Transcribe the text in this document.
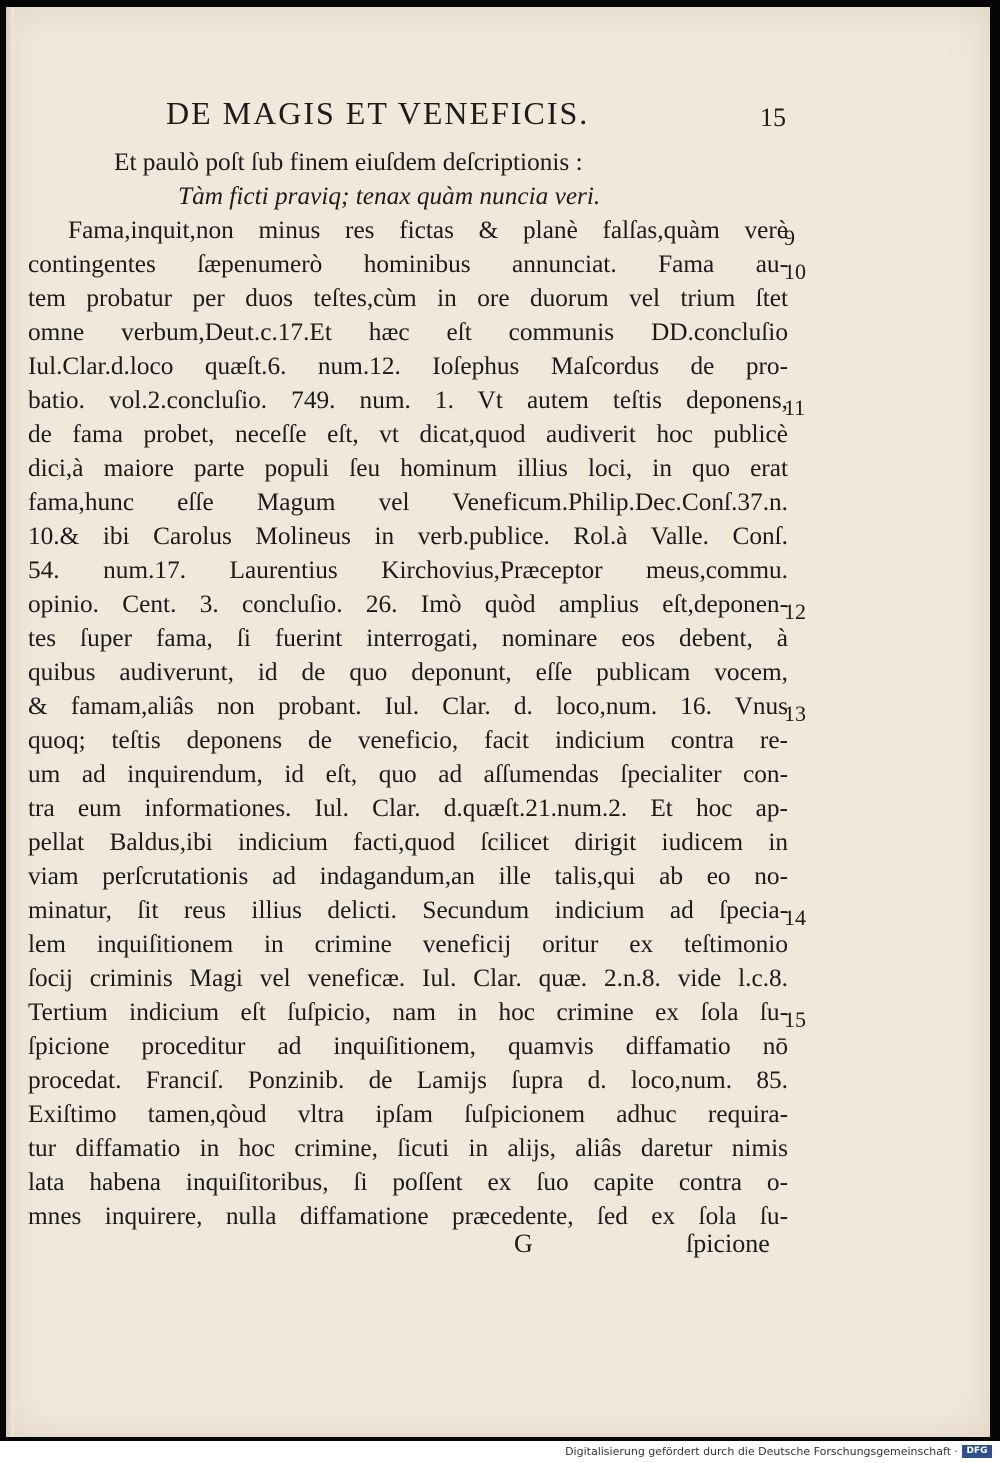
DE MAGIS ET VENEFICIS.	15
Et paulò poſt ſub finem eiuſdem deſcriptionis :
Tàm ficti praviq; tenax quàm nuncia veri.
Fama,inquit,non minus res fictas & planè falſas,quàm verè
contingentes ſæpenumerò hominibus annunciat. Fama au-
tem probatur per duos teſtes,cùm in ore duorum vel trium ſtet
omne verbum,Deut.c.17.Et hæc eſt communis DD.concluſio
Iul.Clar.d.loco quæſt.6. num.12. Ioſephus Maſcordus de pro-
batio. vol.2.concluſio. 749. num. 1. Vt autem teſtis deponens,
de fama probet, neceſſe eſt, vt dicat,quod audiverit hoc publicè
dici,à maiore parte populi ſeu hominum illius loci, in quo erat
fama,hunc eſſe Magum vel Veneficum.Philip.Dec.Conſ.37.n.
10.& ibi Carolus Molineus in verb.publice. Rol.à Valle. Conſ.
54. num.17. Laurentius Kirchovius,Præceptor meus,commu.
opinio. Cent. 3. concluſio. 26. Imò quòd amplius eſt,deponen-
tes ſuper fama, ſi fuerint interrogati, nominare eos debent, à
quibus audiverunt, id de quo deponunt, eſſe publicam vocem,
& famam,aliâs non probant. Iul. Clar. d. loco,num. 16. Vnus
quoq; teſtis deponens de veneficio, facit indicium contra re-
um ad inquirendum, id eſt, quo ad aſſumendas ſpecialiter con-
tra eum informationes. Iul. Clar. d.quæſt.21.num.2. Et hoc ap-
pellat Baldus,ibi indicium facti,quod ſcilicet dirigit iudicem in
viam perſcrutationis ad indagandum,an ille talis,qui ab eo no-
minatur, ſit reus illius delicti. Secundum indicium ad ſpecia-
lem inquiſitionem in crimine veneficij oritur ex teſtimonio
ſocij criminis Magi vel veneficæ. Iul. Clar. quæ. 2.n.8. vide l.c.8.
Tertium indicium eſt ſuſpicio, nam in hoc crimine ex ſola ſu-
ſpicione proceditur ad inquiſitionem, quamvis diffamatio nō
procedat. Franciſ. Ponzinib. de Lamijs ſupra d. loco,num. 85.
Exiſtimo tamen,qòud vltra ipſam ſuſpicionem adhuc requira-
tur diffamatio in hoc crimine, ſicuti in alijs, aliâs daretur nimis
lata habena inquiſitoribus, ſi poſſent ex ſuo capite contra o-
mnes inquirere, nulla diffamatione præcedente, ſed ex ſola ſu-
9
10
11
12
13
14
15
G	ſpicione
Digitalisierung gefördert durch die Deutsche Forschungsgemeinschaft · DFG
